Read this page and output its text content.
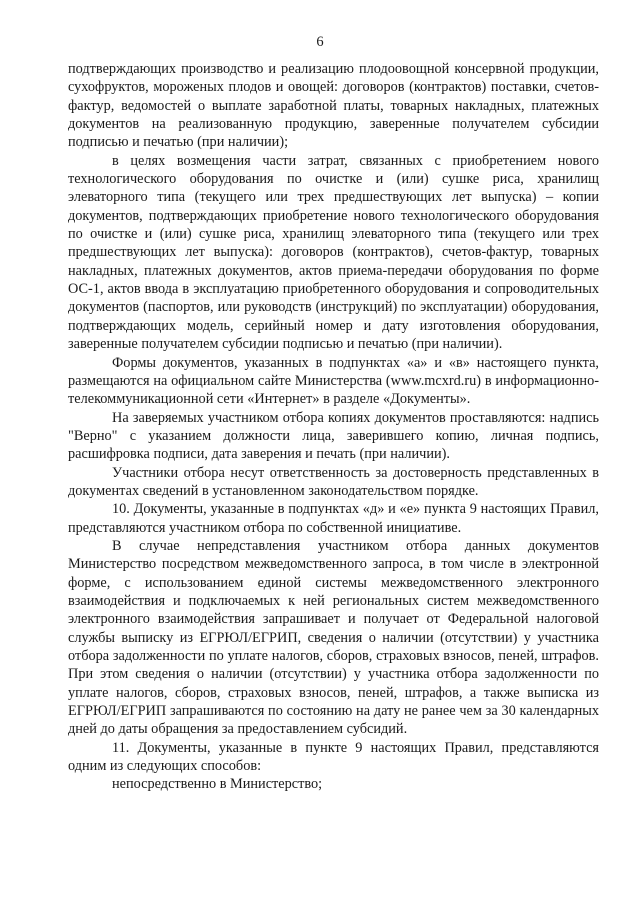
6

подтверждающих производство и реализацию плодоовощной консервной продукции, сухофруктов, мороженых плодов и овощей: договоров (контрактов) поставки, счетов-фактур, ведомостей о выплате заработной платы, товарных накладных, платежных документов на реализованную продукцию, заверенные получателем субсидии подписью и печатью (при наличии);

в целях возмещения части затрат, связанных с приобретением нового технологического оборудования по очистке и (или) сушке риса, хранилищ элеваторного типа (текущего или трех предшествующих лет выпуска) – копии документов, подтверждающих приобретение нового технологического оборудования по очистке и (или) сушке риса, хранилищ элеваторного типа (текущего или трех предшествующих лет выпуска): договоров (контрактов), счетов-фактур, товарных накладных, платежных документов, актов приема-передачи оборудования по форме ОС-1, актов ввода в эксплуатацию приобретенного оборудования и сопроводительных документов (паспортов, или руководств (инструкций) по эксплуатации) оборудования, подтверждающих модель, серийный номер и дату изготовления оборудования, заверенные получателем субсидии подписью и печатью (при наличии).

Формы документов, указанных в подпунктах «а» и «в» настоящего пункта, размещаются на официальном сайте Министерства (www.mcxrd.ru) в информационно-телекоммуникационной сети «Интернет» в разделе «Документы».

На заверяемых участником отбора копиях документов проставляются: надпись "Верно" с указанием должности лица, заверившего копию, личная подпись, расшифровка подписи, дата заверения и печать (при наличии).

Участники отбора несут ответственность за достоверность представленных в документах сведений в установленном законодательством порядке.

10. Документы, указанные в подпунктах «д» и «е» пункта 9 настоящих Правил, представляются участником отбора по собственной инициативе.

В случае непредставления участником отбора данных документов Министерство посредством межведомственного запроса, в том числе в электронной форме, с использованием единой системы межведомственного электронного взаимодействия и подключаемых к ней региональных систем межведомственного электронного взаимодействия запрашивает и получает от Федеральной налоговой службы выписку из ЕГРЮЛ/ЕГРИП, сведения о наличии (отсутствии) у участника отбора задолженности по уплате налогов, сборов, страховых взносов, пеней, штрафов. При этом сведения о наличии (отсутствии) у участника отбора задолженности по уплате налогов, сборов, страховых взносов, пеней, штрафов, а также выписка из ЕГРЮЛ/ЕГРИП запрашиваются по состоянию на дату не ранее чем за 30 календарных дней до даты обращения за предоставлением субсидий.

11. Документы, указанные в пункте 9 настоящих Правил, представляются одним из следующих способов:

непосредственно в Министерство;
